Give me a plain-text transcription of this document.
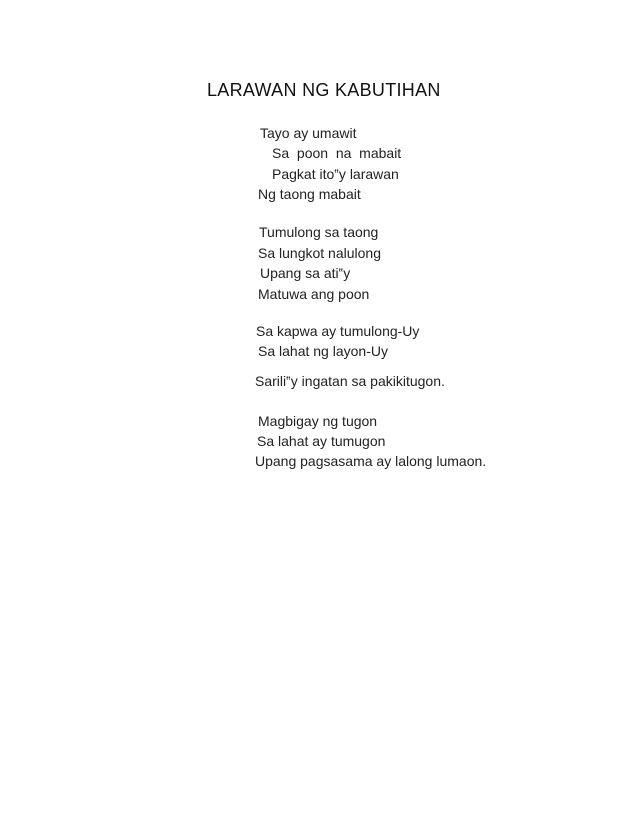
LARAWAN NG KABUTIHAN
Tayo ay umawit
Sa  poon  na  mabait
Pagkat ito‟y larawan
Ng taong mabait
Tumulong sa taong
Sa lungkot nalulong
Upang sa ati‟y
Matuwa ang poon
Sa kapwa ay tumulong-Uy
Sa lahat ng layon-Uy
Sarili‟y ingatan sa pakikitugon.
Magbigay ng tugon
Sa lahat ay tumugon
Upang pagsasama ay lalong lumaon.
